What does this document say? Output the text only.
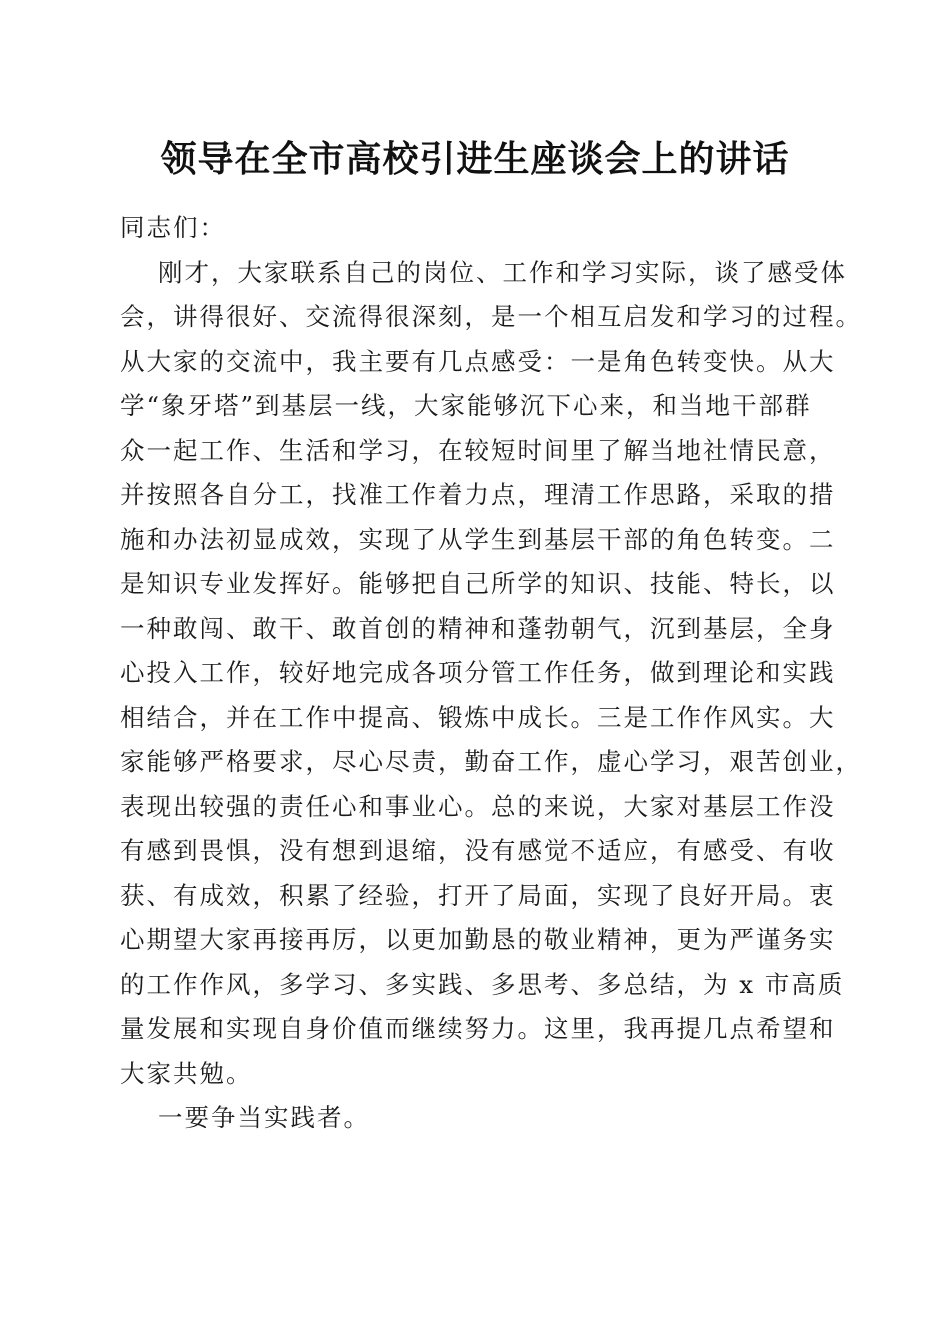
领导在全市高校引进生座谈会上的讲话
同志们：
刚才，大家联系自己的岗位、工作和学习实际，谈了感受体
会，讲得很好、交流得很深刻，是一个相互启发和学习的过程。
从大家的交流中，我主要有几点感受：一是角色转变快。从大
学“象牙塔”到基层一线，大家能够沉下心来，和当地干部群
众一起工作、生活和学习，在较短时间里了解当地社情民意，
并按照各自分工，找准工作着力点，理清工作思路，采取的措
施和办法初显成效，实现了从学生到基层干部的角色转变。二
是知识专业发挥好。能够把自己所学的知识、技能、特长，以
一种敢闯、敢干、敢首创的精神和蓬勃朝气，沉到基层，全身
心投入工作，较好地完成各项分管工作任务，做到理论和实践
相结合，并在工作中提高、锻炼中成长。三是工作作风实。大
家能够严格要求，尽心尽责，勤奋工作，虚心学习，艰苦创业，
表现出较强的责任心和事业心。总的来说，大家对基层工作没
有感到畏惧，没有想到退缩，没有感觉不适应，有感受、有收
获、有成效，积累了经验，打开了局面，实现了良好开局。衷
心期望大家再接再厉，以更加勤恳的敬业精神，更为严谨务实
的工作作风，多学习、多实践、多思考、多总结，为 x 市高质
量发展和实现自身价值而继续努力。这里，我再提几点希望和
大家共勉。
一要争当实践者。
